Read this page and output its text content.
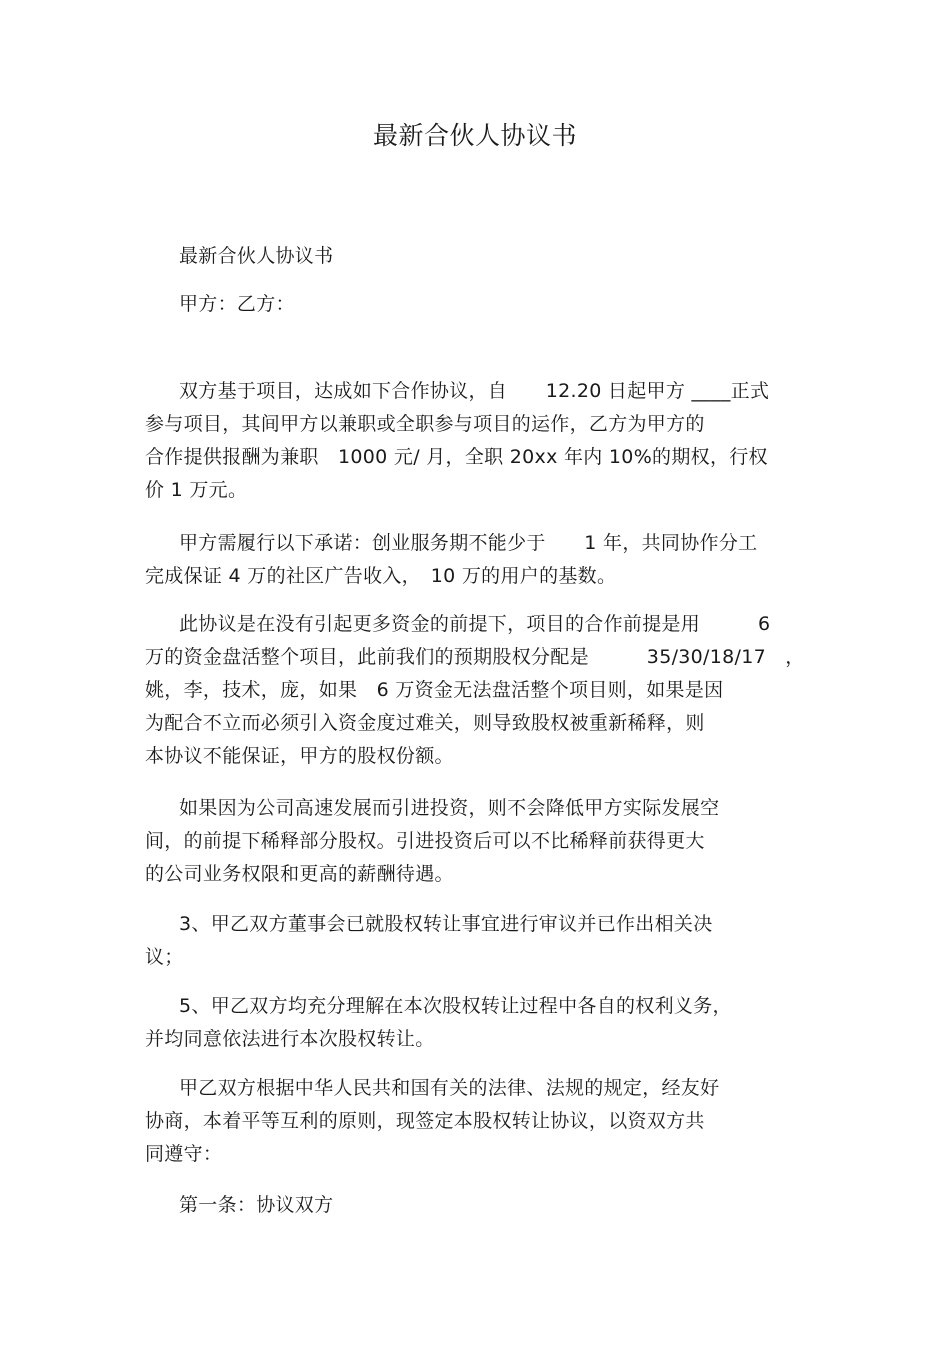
最新合伙人协议书
最新合伙人协议书
甲方：乙方：
双方基于项目，达成如下合作协议，自　　12.20 日起甲方 ____正式
参与项目，其间甲方以兼职或全职参与项目的运作，乙方为甲方的
合作提供报酬为兼职　1000 元/ 月，全职 20xx 年内 10%的期权，行权
价 1 万元。
甲方需履行以下承诺：创业服务期不能少于　　1 年，共同协作分工
完成保证 4 万的社区广告收入，　10 万的用户的基数。
此协议是在没有引起更多资金的前提下，项目的合作前提是用　　　6
万的资金盘活整个项目，此前我们的预期股权分配是　　　35/30/18/17　，
姚，李，技术，庞，如果　6 万资金无法盘活整个项目则，如果是因
为配合不立而必须引入资金度过难关，则导致股权被重新稀释，则
本协议不能保证，甲方的股权份额。
如果因为公司高速发展而引进投资，则不会降低甲方实际发展空
间，的前提下稀释部分股权。引进投资后可以不比稀释前获得更大
的公司业务权限和更高的薪酬待遇。
3、甲乙双方董事会已就股权转让事宜进行审议并已作出相关决
议；
5、甲乙双方均充分理解在本次股权转让过程中各自的权利义务，
并均同意依法进行本次股权转让。
甲乙双方根据中华人民共和国有关的法律、法规的规定，经友好
协商，本着平等互利的原则，现签定本股权转让协议，以资双方共
同遵守：
第一条：协议双方
